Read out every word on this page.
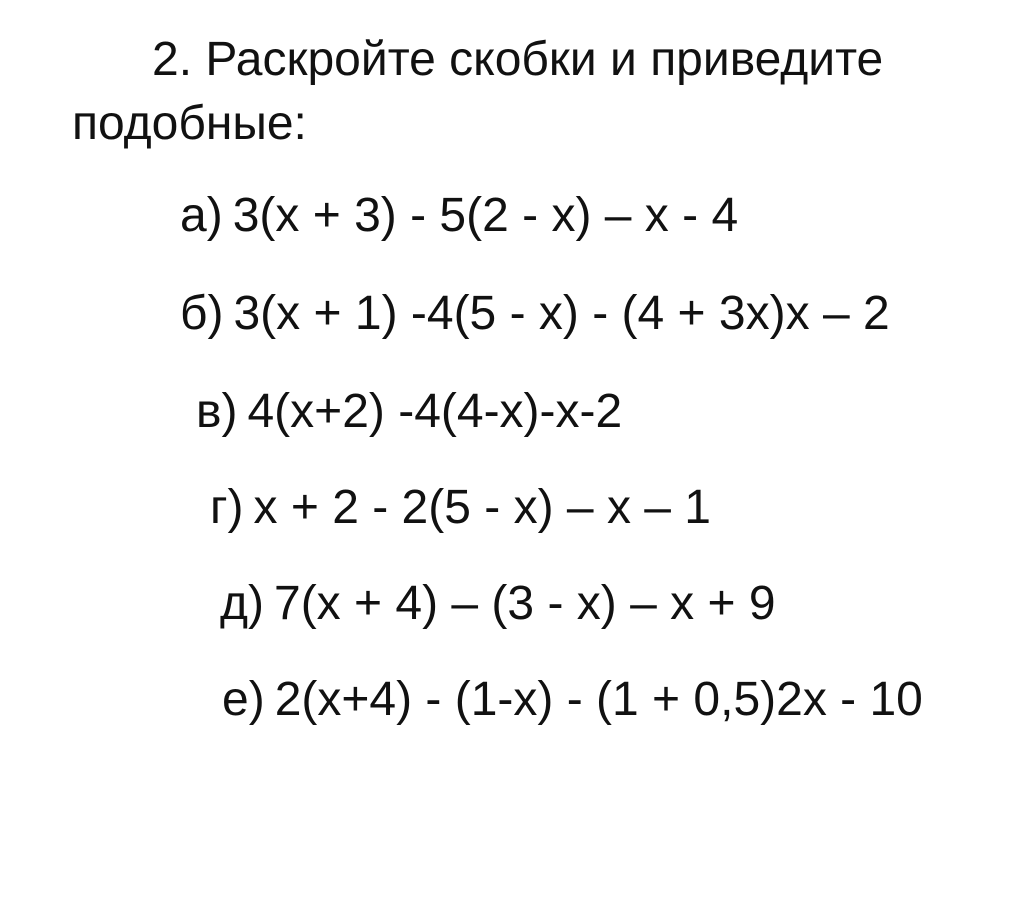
2. Раскройте скобки и приведите
подобные:
а) 3(x + 3) - 5(2 - x) – x - 4
б) 3(x + 1) -4(5 - x) - (4 + 3x)x – 2
в) 4(x+2) -4(4-x)-x-2
г) x + 2 - 2(5 - x) – x – 1
д) 7(x + 4) – (3 - x) – x + 9
е) 2(x+4) - (1-x) - (1 + 0,5)2x - 10
